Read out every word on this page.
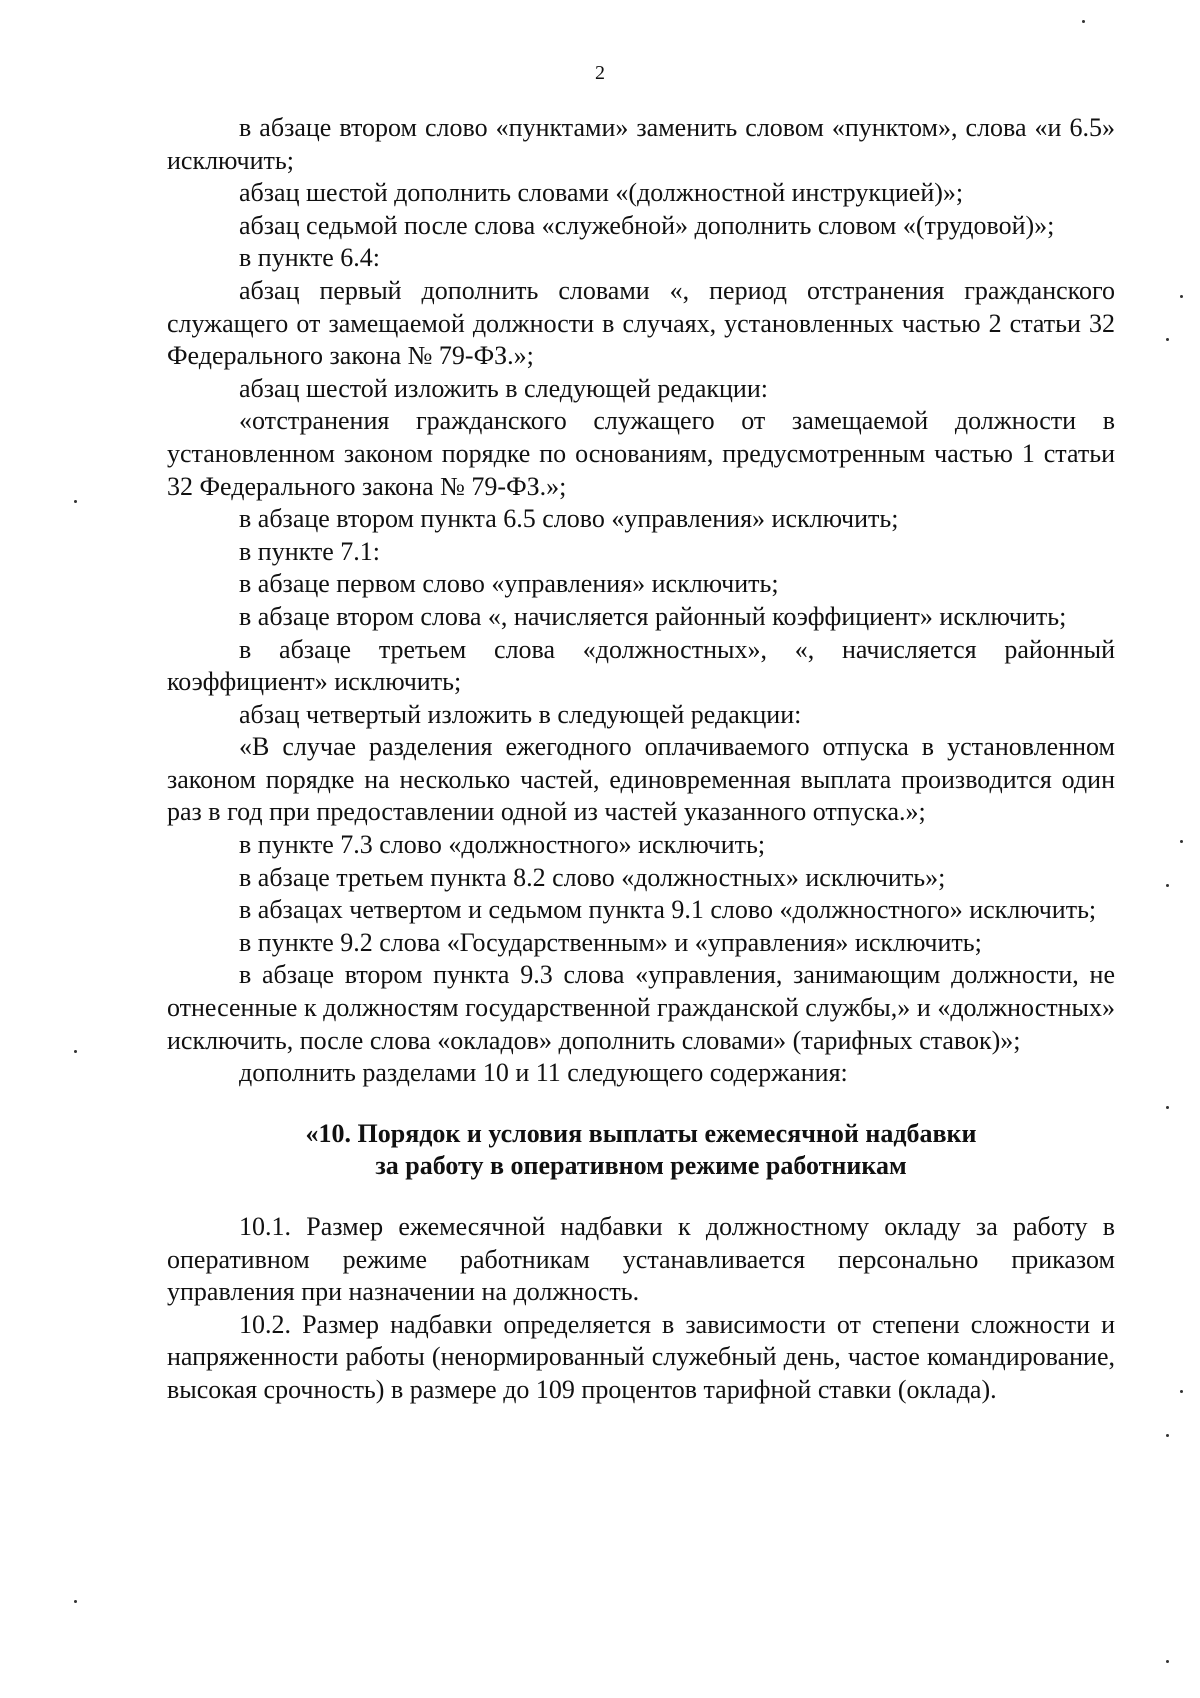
2

в абзаце втором слово «пунктами» заменить словом «пунктом», слова «и 6.5» исключить;

абзац шестой дополнить словами «(должностной инструкцией)»;

абзац седьмой после слова «служебной» дополнить словом «(трудовой)»;

в пункте 6.4:

абзац первый дополнить словами «, период отстранения гражданского служащего от замещаемой должности в случаях, установленных частью 2 статьи 32 Федерального закона № 79-ФЗ.»;

абзац шестой изложить в следующей редакции:

«отстранения гражданского служащего от замещаемой должности в установленном законом порядке по основаниям, предусмотренным частью 1 статьи 32 Федерального закона № 79-ФЗ.»;

в абзаце втором пункта 6.5 слово «управления» исключить;

в пункте 7.1:

в абзаце первом слово «управления» исключить;

в абзаце втором слова «, начисляется районный коэффициент» исключить;

в абзаце третьем слова «должностных», «, начисляется районный коэффициент» исключить;

абзац четвертый изложить в следующей редакции:

«В случае разделения ежегодного оплачиваемого отпуска в установленном законом порядке на несколько частей, единовременная выплата производится один раз в год при предоставлении одной из частей указанного отпуска.»;

в пункте 7.3 слово «должностного» исключить;

в абзаце третьем пункта 8.2 слово «должностных» исключить»;

в абзацах четвертом и седьмом пункта 9.1 слово «должностного» исключить;

в пункте 9.2 слова «Государственным» и «управления» исключить;

в абзаце втором пункта 9.3 слова «управления, занимающим должности, не отнесенные к должностям государственной гражданской службы,» и «должностных» исключить, после слова «окладов» дополнить словами» (тарифных ставок)»;

дополнить разделами 10 и 11 следующего содержания:

«10. Порядок и условия выплаты ежемесячной надбавки
за работу в оперативном режиме работникам

10.1. Размер ежемесячной надбавки к должностному окладу за работу в оперативном режиме работникам устанавливается персонально приказом управления при назначении на должность.

10.2. Размер надбавки определяется в зависимости от степени сложности и напряженности работы (ненормированный служебный день, частое командирование, высокая срочность) в размере до 109 процентов тарифной ставки (оклада).
